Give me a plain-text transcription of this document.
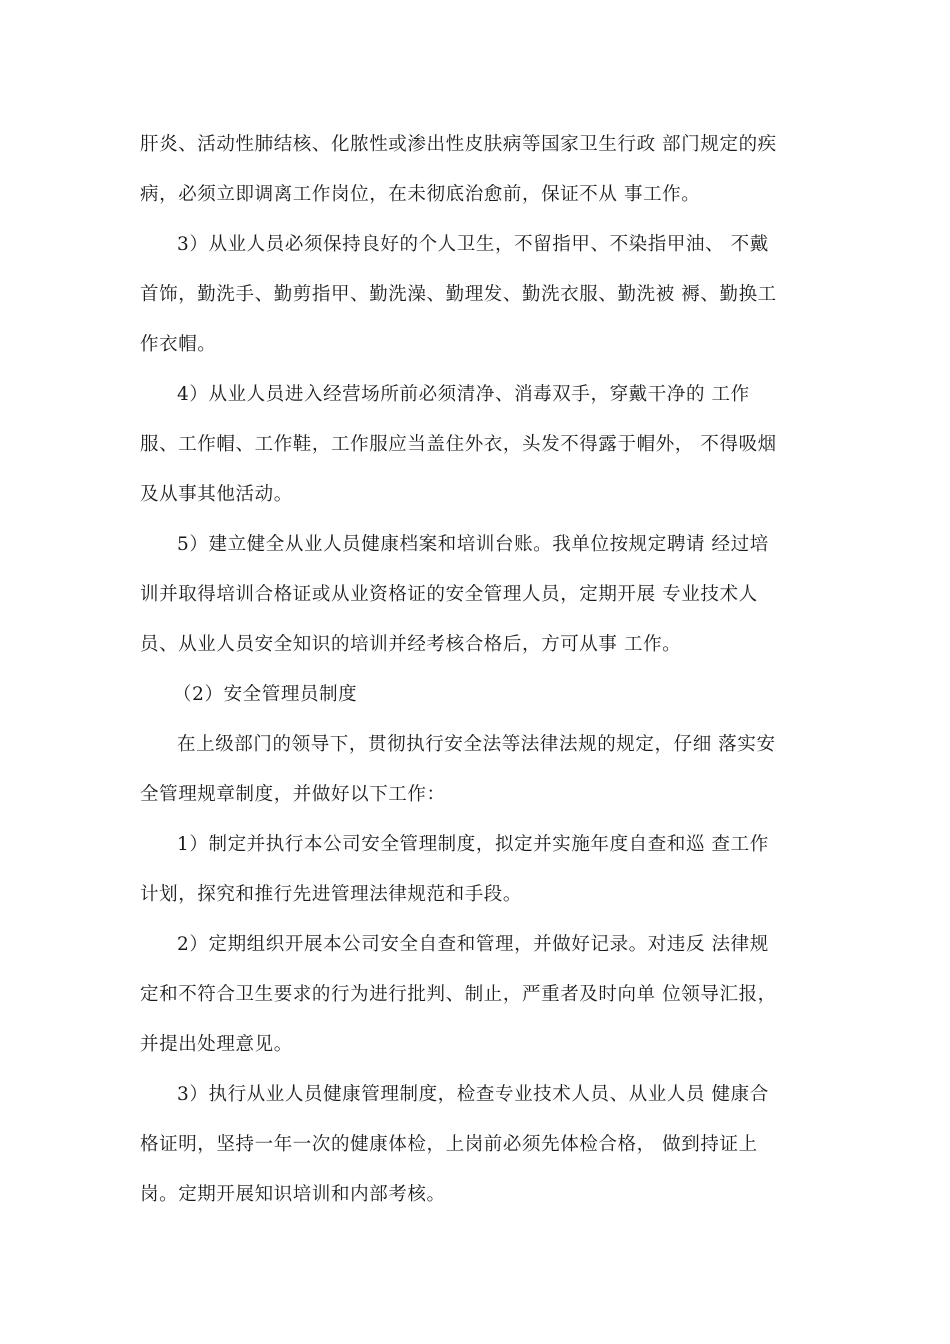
肝炎、活动性肺结核、化脓性或渗出性皮肤病等国家卫生行政 部门规定的疾
病，必须立即调离工作岗位，在未彻底治愈前，保证不从 事工作。
3）从业人员必须保持良好的个人卫生，不留指甲、不染指甲油、 不戴
首饰，勤洗手、勤剪指甲、勤洗澡、勤理发、勤洗衣服、勤洗被 褥、勤换工
作衣帽。
4）从业人员进入经营场所前必须清净、消毒双手，穿戴干净的 工作
服、工作帽、工作鞋，工作服应当盖住外衣，头发不得露于帽外， 不得吸烟
及从事其他活动。
5）建立健全从业人员健康档案和培训台账。我单位按规定聘请 经过培
训并取得培训合格证或从业资格证的安全管理人员，定期开展 专业技术人
员、从业人员安全知识的培训并经考核合格后，方可从事 工作。
（2）安全管理员制度
在上级部门的领导下，贯彻执行安全法等法律法规的规定，仔细 落实安
全管理规章制度，并做好以下工作：
1）制定并执行本公司安全管理制度，拟定并实施年度自查和巡 查工作
计划，探究和推行先进管理法律规范和手段。
2）定期组织开展本公司安全自查和管理，并做好记录。对违反 法律规
定和不符合卫生要求的行为进行批判、制止，严重者及时向单 位领导汇报，
并提出处理意见。
3）执行从业人员健康管理制度，检查专业技术人员、从业人员 健康合
格证明，坚持一年一次的健康体检，上岗前必须先体检合格， 做到持证上
岗。定期开展知识培训和内部考核。
